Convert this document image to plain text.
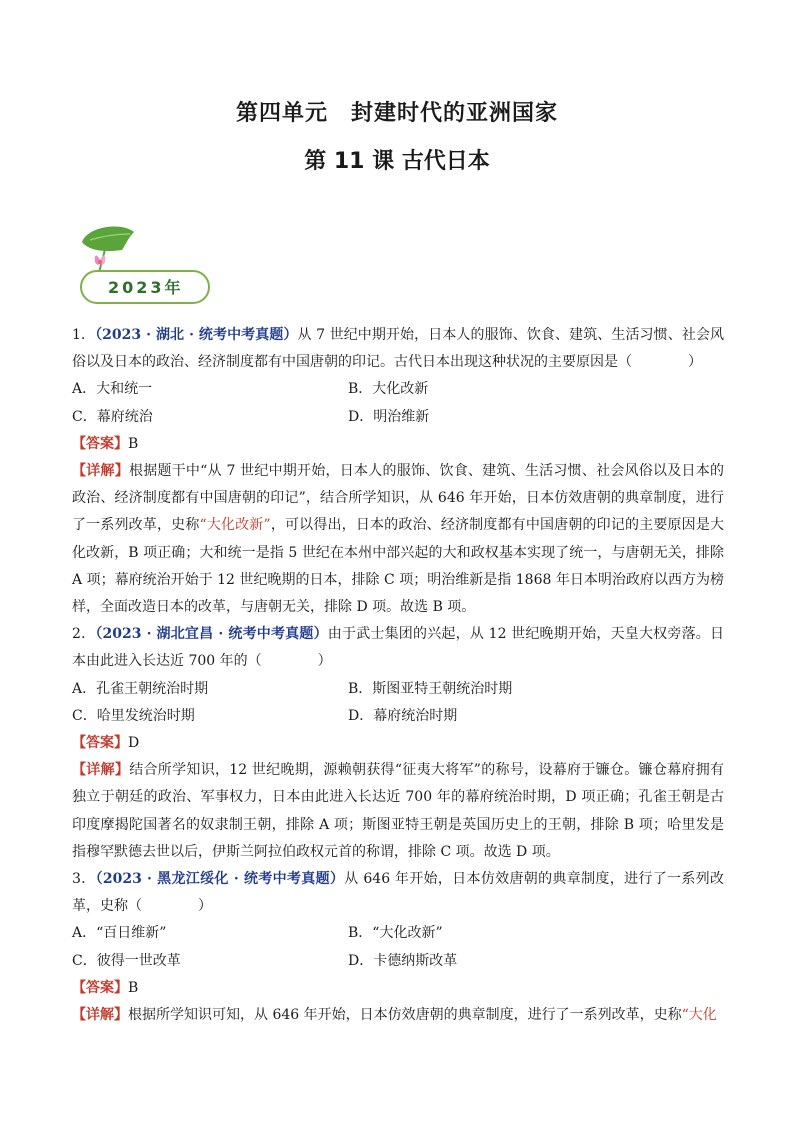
第四单元　封建时代的亚洲国家
第 11 课 古代日本
2023年

1．（2023 · 湖北 · 统考中考真题）从 7 世纪中期开始，日本人的服饰、饮食、建筑、生活习惯、社会风俗以及日本的政治、经济制度都有中国唐朝的印记。古代日本出现这种状况的主要原因是（　　　　）

A．大和统一	B．大化改新
C．幕府统治	D．明治维新

【答案】B

【详解】根据题干中“从 7 世纪中期开始，日本人的服饰、饮食、建筑、生活习惯、社会风俗以及日本的政治、经济制度都有中国唐朝的印记”，结合所学知识，从 646 年开始，日本仿效唐朝的典章制度，进行了一系列改革，史称“大化改新”，可以得出，日本的政治、经济制度都有中国唐朝的印记的主要原因是大化改新，B 项正确；大和统一是指 5 世纪在本州中部兴起的大和政权基本实现了统一，与唐朝无关，排除 A 项；幕府统治开始于 12 世纪晚期的日本，排除 C 项；明治维新是指 1868 年日本明治政府以西方为榜样，全面改造日本的改革，与唐朝无关，排除 D 项。故选 B 项。

2．（2023 · 湖北宜昌 · 统考中考真题）由于武士集团的兴起，从 12 世纪晚期开始，天皇大权旁落。日本由此进入长达近 700 年的（　　　　）

A．孔雀王朝统治时期	B．斯图亚特王朝统治时期
C．哈里发统治时期	D．幕府统治时期

【答案】D

【详解】结合所学知识，12 世纪晚期，源赖朝获得“征夷大将军”的称号，设幕府于镰仓。镰仓幕府拥有独立于朝廷的政治、军事权力，日本由此进入长达近 700 年的幕府统治时期，D 项正确；孔雀王朝是古印度摩揭陀国著名的奴隶制王朝，排除 A 项；斯图亚特王朝是英国历史上的王朝，排除 B 项；哈里发是指穆罕默德去世以后，伊斯兰阿拉伯政权元首的称谓，排除 C 项。故选 D 项。

3．（2023 · 黑龙江绥化 · 统考中考真题）从 646 年开始，日本仿效唐朝的典章制度，进行了一系列改革，史称（　　　　）

A．“百日维新”	B．“大化改新”
C．彼得一世改革	D．卡德纳斯改革

【答案】B

【详解】根据所学知识可知，从 646 年开始，日本仿效唐朝的典章制度，进行了一系列改革，史称“大化
